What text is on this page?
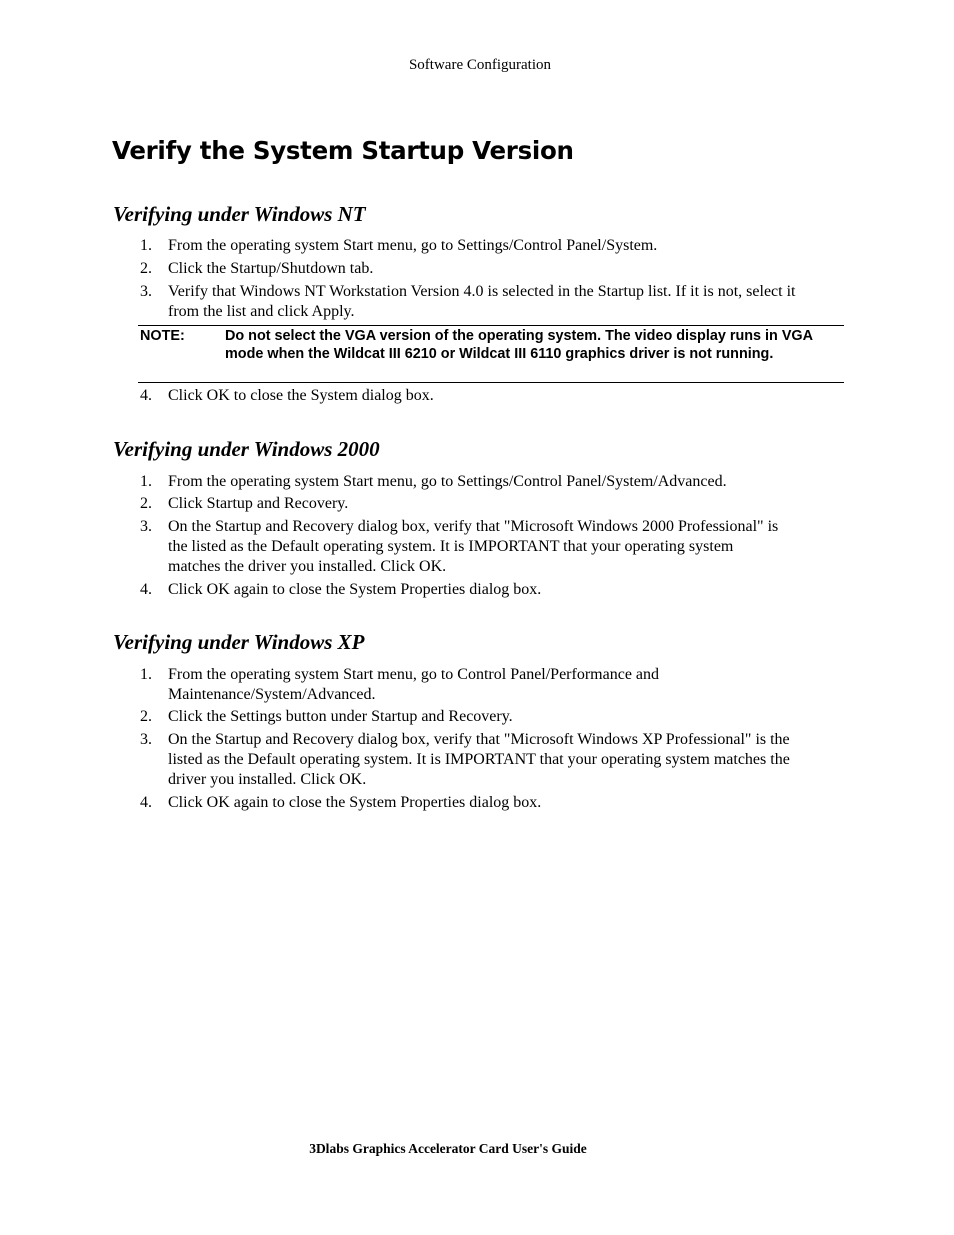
Software Configuration
Verify the System Startup Version
Verifying under Windows NT
1. From the operating system Start menu, go to Settings/Control Panel/System.
2. Click the Startup/Shutdown tab.
3. Verify that Windows NT Workstation Version 4.0 is selected in the Startup list. If it is not, select it from the list and click Apply.
NOTE:	Do not select the VGA version of the operating system. The video display runs in VGA mode when the Wildcat III 6210 or Wildcat III 6110 graphics driver is not running.
4. Click OK to close the System dialog box.
Verifying under Windows 2000
1. From the operating system Start menu, go to Settings/Control Panel/System/Advanced.
2. Click Startup and Recovery.
3. On the Startup and Recovery dialog box, verify that "Microsoft Windows 2000 Professional" is the listed as the Default operating system. It is IMPORTANT that your operating system matches the driver you installed. Click OK.
4. Click OK again to close the System Properties dialog box.
Verifying under Windows XP
1. From the operating system Start menu, go to Control Panel/Performance and Maintenance/System/Advanced.
2. Click the Settings button under Startup and Recovery.
3. On the Startup and Recovery dialog box, verify that "Microsoft Windows XP Professional" is the listed as the Default operating system. It is IMPORTANT that your operating system matches the driver you installed. Click OK.
4. Click OK again to close the System Properties dialog box.
3Dlabs Graphics Accelerator Card User's Guide
